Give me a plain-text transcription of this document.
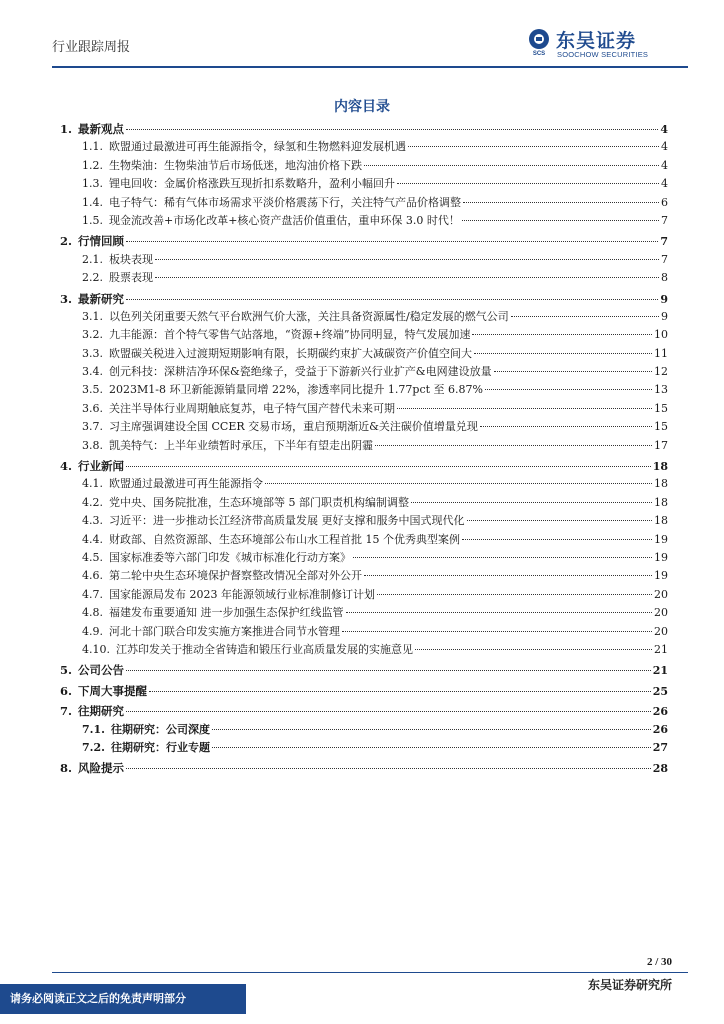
行业跟踪周报	SCS
东吴证券
SOOCHOW SECURITIES
内容目录
1. 最新观点	4
1.1. 欧盟通过最激进可再生能源指令，绿氢和生物燃料迎发展机遇	4
1.2. 生物柴油：生物柴油节后市场低迷，地沟油价格下跌	4
1.3. 锂电回收：金属价格涨跌互现折扣系数略升，盈利小幅回升	4
1.4. 电子特气：稀有气体市场需求平淡价格震荡下行，关注特气产品价格调整	6
1.5. 现金流改善+市场化改革+核心资产盘活价值重估，重申环保 3.0 时代！	7
2. 行情回顾	7
2.1. 板块表现	7
2.2. 股票表现	8
3. 最新研究	9
3.1. 以色列关闭重要天然气平台欧洲气价大涨，关注具备资源属性/稳定发展的燃气公司	9
3.2. 九丰能源：首个特气零售气站落地，“资源+终端”协同明显，特气发展加速	10
3.3. 欧盟碳关税进入过渡期短期影响有限，长期碳约束扩大减碳资产价值空间大	11
3.4. 创元科技：深耕洁净环保&瓷绝缘子，受益于下游新兴行业扩产&电网建设放量	12
3.5. 2023M1-8 环卫新能源销量同增 22%，渗透率同比提升 1.77pct 至 6.87%	13
3.6. 关注半导体行业周期触底复苏，电子特气国产替代未来可期	15
3.7. 习主席强调建设全国 CCER 交易市场，重启预期渐近&关注碳价值增量兑现	15
3.8. 凯美特气：上半年业绩暂时承压，下半年有望走出阴霾	17
4. 行业新闻	18
4.1. 欧盟通过最激进可再生能源指令	18
4.2. 党中央、国务院批准，生态环境部等 5 部门职责机构编制调整	18
4.3. 习近平：进一步推动长江经济带高质量发展 更好支撑和服务中国式现代化	18
4.4. 财政部、自然资源部、生态环境部公布山水工程首批 15 个优秀典型案例	19
4.5. 国家标准委等六部门印发《城市标准化行动方案》	19
4.6. 第二轮中央生态环境保护督察整改情况全部对外公开	19
4.7. 国家能源局发布 2023 年能源领域行业标准制修订计划	20
4.8. 福建发布重要通知 进一步加强生态保护红线监管	20
4.9. 河北十部门联合印发实施方案推进合同节水管理	20
4.10. 江苏印发关于推动全省铸造和锻压行业高质量发展的实施意见	21
5. 公司公告	21
6. 下周大事提醒	25
7. 往期研究	26
7.1. 往期研究：公司深度	26
7.2. 往期研究：行业专题	27
8. 风险提示	28
2 / 30
请务必阅读正文之后的免责声明部分
东吴证券研究所
